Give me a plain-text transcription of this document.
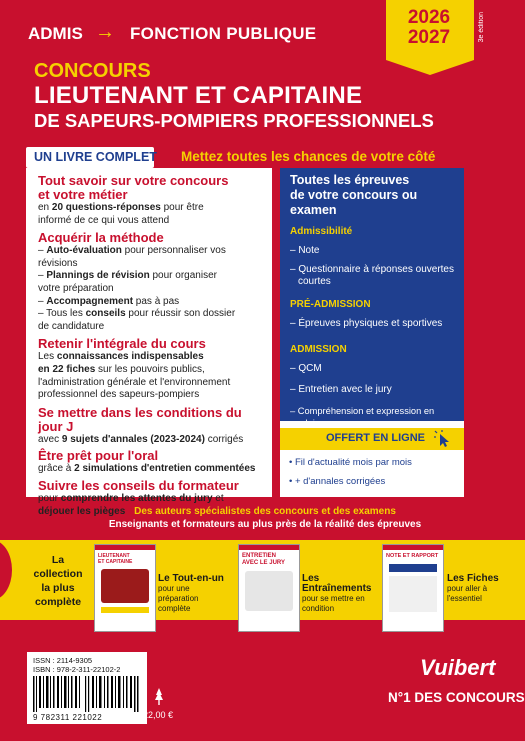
ADMIS → FONCTION PUBLIQUE
2026
2027	3e édition
CONCOURS
LIEUTENANT ET CAPITAINE
DE SAPEURS-POMPIERS PROFESSIONNELS
UN LIVRE COMPLET Mettez toutes les chances de votre côté

Tout savoir sur votre concours

et votre métier

en 20 questions-réponses pour être

informé de ce qui vous attend

Acquérir la méthode

– Auto-évaluation pour personnaliser vos révisions

– Plannings de révision pour organiser

votre préparation

– Accompagnement pas à pas

– Tous les conseils pour réussir son dossier

de candidature

Retenir l'intégrale du cours

Les connaissances indispensables

en 22 fiches sur les pouvoirs publics,

l'administration générale et l'environnement

professionnel des sapeurs-pompiers

Se mettre dans les conditions du jour J

avec 9 sujets d'annales (2023-2024) corrigés

Être prêt pour l'oral

grâce à 2 simulations d'entretien commentées

Suivre les conseils du formateur

pour comprendre les attentes du jury et

déjouer les pièges

Toutes les épreuves

de votre concours ou examen

Admissibilité

– Note

– Questionnaire à réponses ouvertes

courtes

PRÉ-ADMISSION

– Épreuves physiques et sportives

ADMISSION

– QCM

– Entretien avec le jury

– Compréhension et expression en

OFFERT EN LIGNE
• Fil d'actualité mois par mois
• + d'annales corrigées
Des auteurs spécialistes des concours et des examens
Enseignants et formateurs au plus près de la réalité des épreuves
La collection
la plus
complète
LIEUTENANT
ET CAPITAINE
Le Tout-en-un
pour une
préparation
complète
ENTRETIEN
AVEC LE JURY
Les
Entraînements
pour se mettre en
condition
NOTE ET RAPPORT
Les Fiches
pour aller à
l'essentiel
ISSN : 2114-9305
ISBN : 978-2-311-22102-2
9 782311 221022	22,00 €
Vuibert
N°1 DES CONCOURS
